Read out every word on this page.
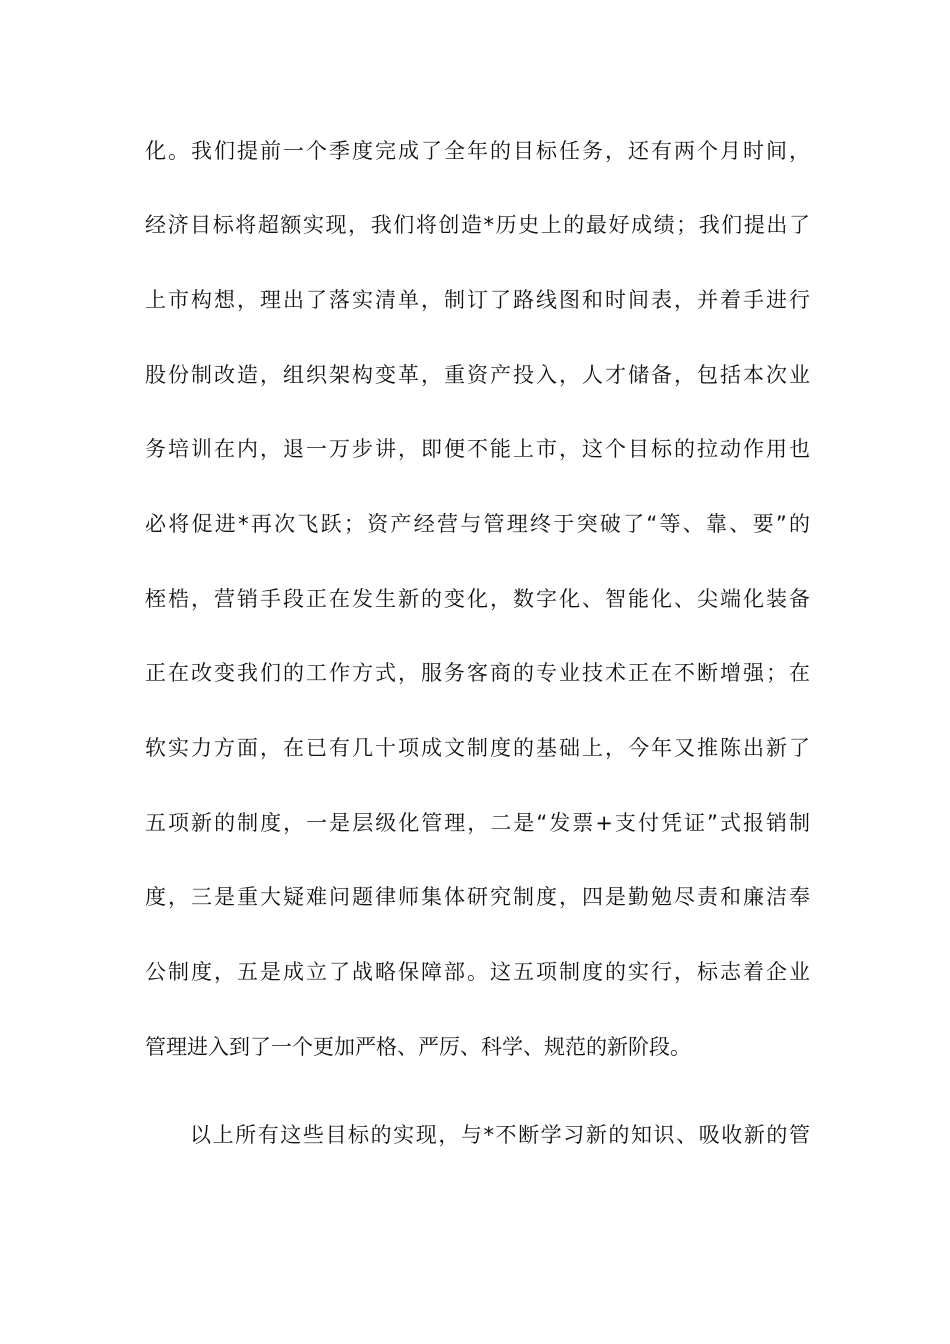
化。我们提前一个季度完成了全年的目标任务，还有两个月时间，
经济目标将超额实现，我们将创造*历史上的最好成绩；我们提出了
上市构想，理出了落实清单，制订了路线图和时间表，并着手进行
股份制改造，组织架构变革，重资产投入，人才储备，包括本次业
务培训在内，退一万步讲，即便不能上市，这个目标的拉动作用也
必将促进*再次飞跃；资产经营与管理终于突破了“等、靠、要”的
桎梏，营销手段正在发生新的变化，数字化、智能化、尖端化装备
正在改变我们的工作方式，服务客商的专业技术正在不断增强；在
软实力方面，在已有几十项成文制度的基础上，今年又推陈出新了
五项新的制度，一是层级化管理，二是“发票+支付凭证”式报销制
度，三是重大疑难问题律师集体研究制度，四是勤勉尽责和廉洁奉
公制度，五是成立了战略保障部。这五项制度的实行，标志着企业
管理进入到了一个更加严格、严厉、科学、规范的新阶段。
以上所有这些目标的实现，与*不断学习新的知识、吸收新的管
